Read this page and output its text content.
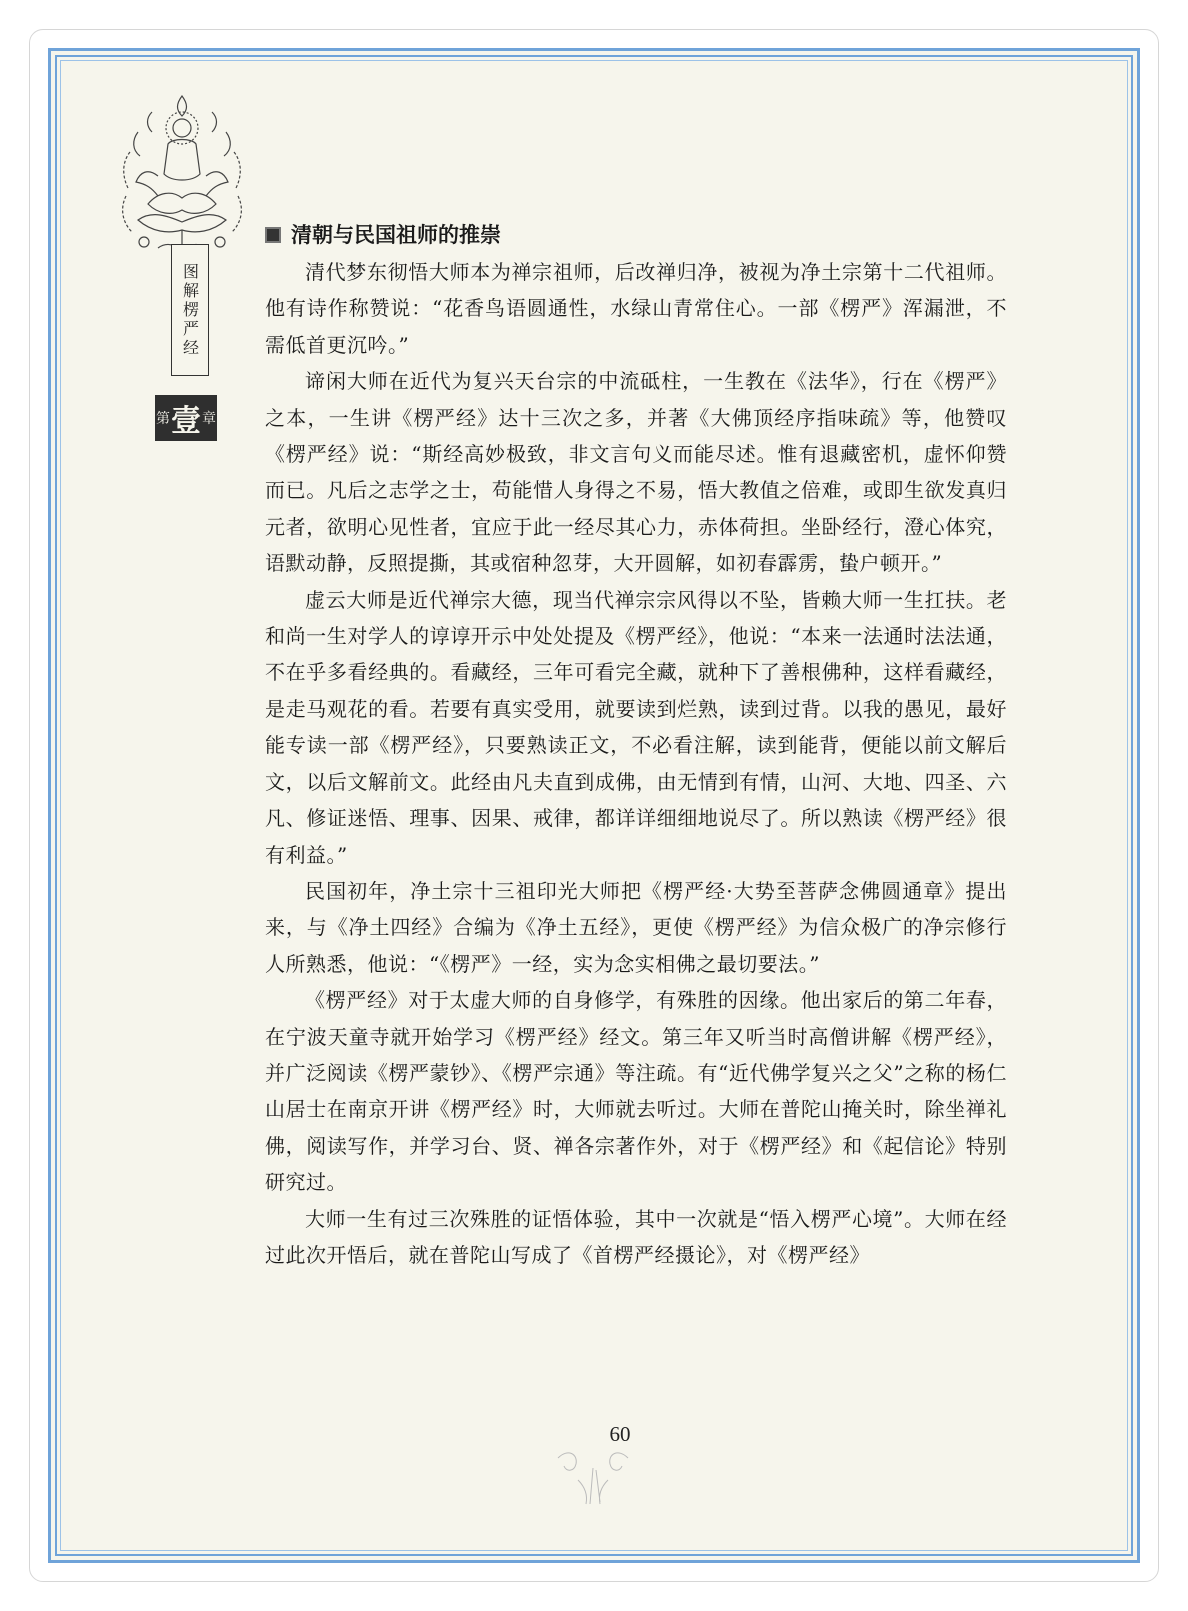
图解楞严经
第 壹 章
清朝与民国祖师的推崇

清代梦东彻悟大师本为禅宗祖师，后改禅归净，被视为净土宗第十二代祖师。他有诗作称赞说：“花香鸟语圆通性，水绿山青常住心。一部《楞严》浑漏泄，不需低首更沉吟。”

谛闲大师在近代为复兴天台宗的中流砥柱，一生教在《法华》，行在《楞严》之本，一生讲《楞严经》达十三次之多，并著《大佛顶经序指味疏》等，他赞叹《楞严经》说：“斯经高妙极致，非文言句义而能尽述。惟有退藏密机，虚怀仰赞而已。凡后之志学之士，苟能惜人身得之不易，悟大教值之倍难，或即生欲发真归元者，欲明心见性者，宜应于此一经尽其心力，赤体荷担。坐卧经行，澄心体究，语默动静，反照提撕，其或宿种忽芽，大开圆解，如初春霹雳，蛰户顿开。”

虚云大师是近代禅宗大德，现当代禅宗宗风得以不坠，皆赖大师一生扛扶。老和尚一生对学人的谆谆开示中处处提及《楞严经》，他说：“本来一法通时法法通，不在乎多看经典的。看藏经，三年可看完全藏，就种下了善根佛种，这样看藏经，是走马观花的看。若要有真实受用，就要读到烂熟，读到过背。以我的愚见，最好能专读一部《楞严经》，只要熟读正文，不必看注解，读到能背，便能以前文解后文，以后文解前文。此经由凡夫直到成佛，由无情到有情，山河、大地、四圣、六凡、修证迷悟、理事、因果、戒律，都详详细细地说尽了。所以熟读《楞严经》很有利益。”

民国初年，净土宗十三祖印光大师把《楞严经·大势至菩萨念佛圆通章》提出来，与《净土四经》合编为《净土五经》，更使《楞严经》为信众极广的净宗修行人所熟悉，他说：“《楞严》一经，实为念实相佛之最切要法。”

《楞严经》对于太虚大师的自身修学，有殊胜的因缘。他出家后的第二年春，在宁波天童寺就开始学习《楞严经》经文。第三年又听当时高僧讲解《楞严经》，并广泛阅读《楞严蒙钞》、《楞严宗通》等注疏。有“近代佛学复兴之父”之称的杨仁山居士在南京开讲《楞严经》时，大师就去听过。大师在普陀山掩关时，除坐禅礼佛，阅读写作，并学习台、贤、禅各宗著作外，对于《楞严经》和《起信论》特别研究过。

大师一生有过三次殊胜的证悟体验，其中一次就是“悟入楞严心境”。大师在经过此次开悟后，就在普陀山写成了《首楞严经摄论》，对《楞严经》

60
